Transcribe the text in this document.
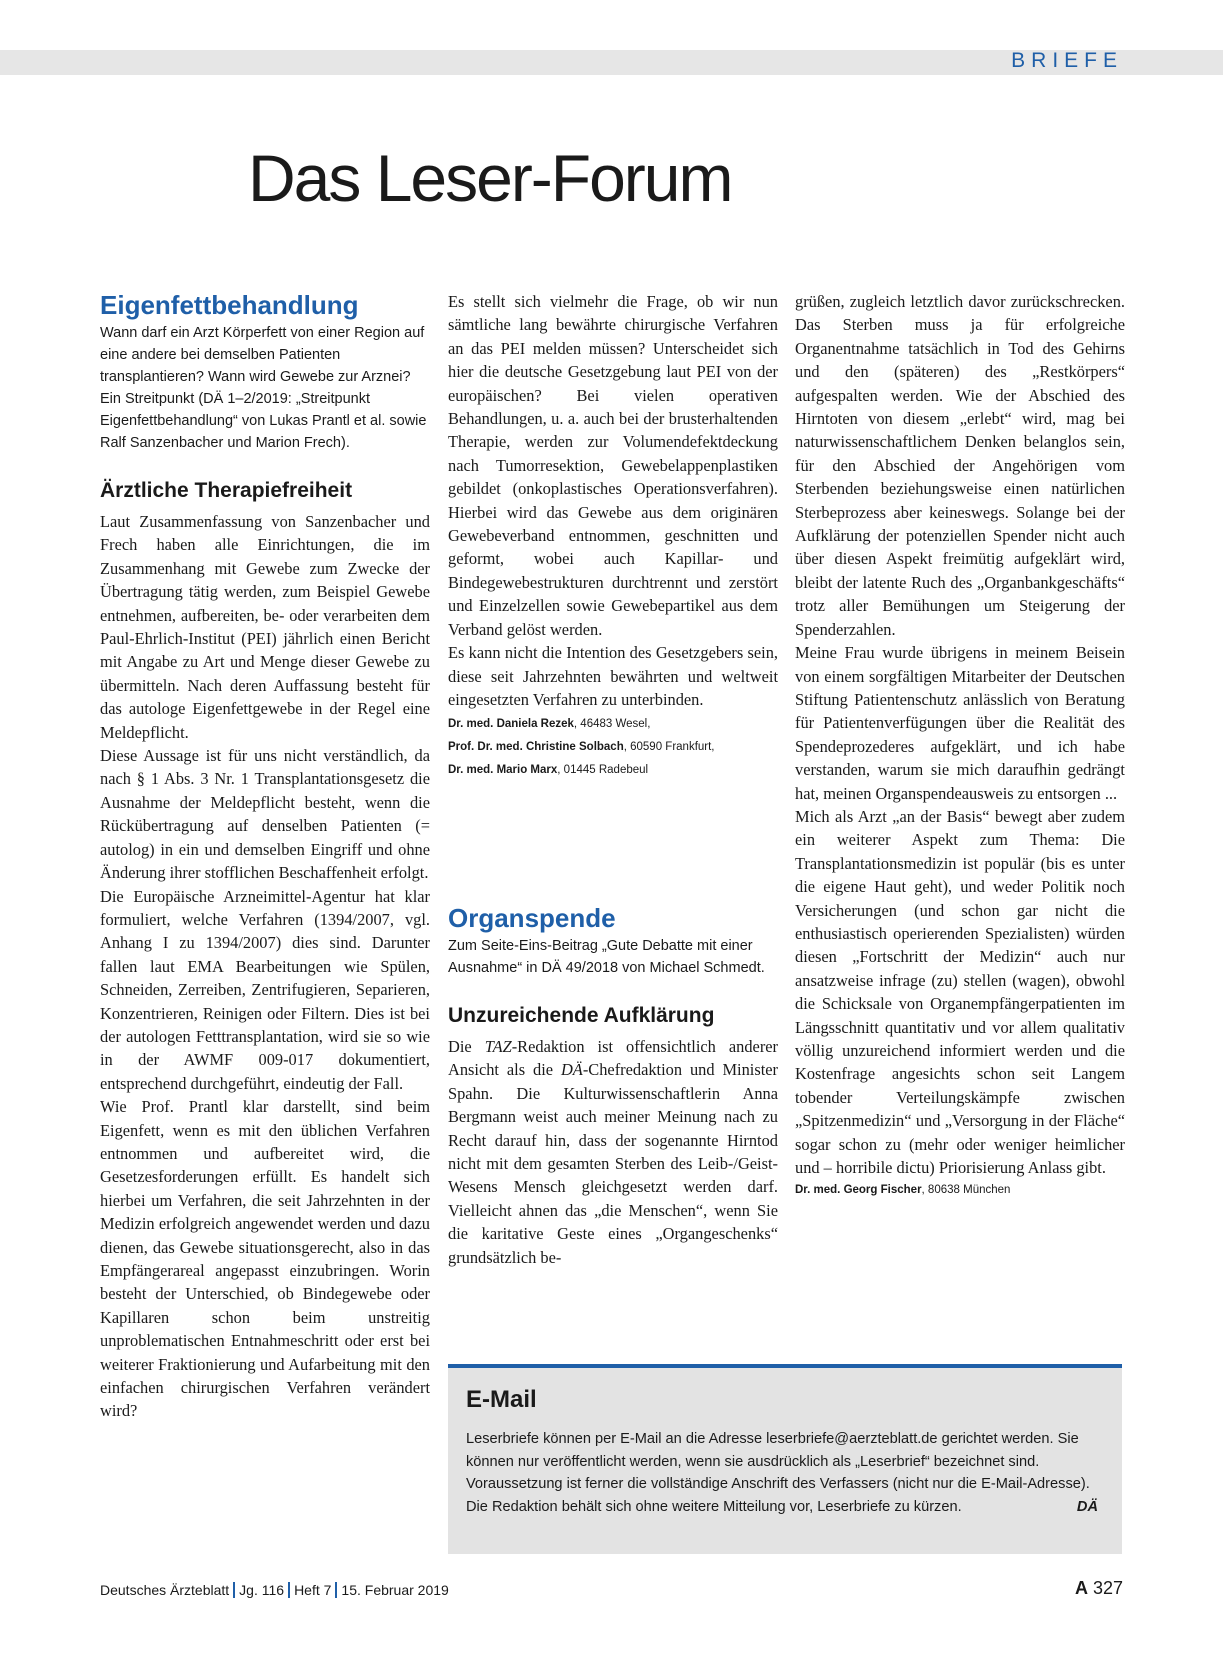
BRIEFE
Das Leser-Forum
Eigenfettbehandlung

Wann darf ein Arzt Körperfett von einer Region auf eine andere bei demselben Patienten transplantieren? Wann wird Gewebe zur Arznei? Ein Streitpunkt (DÄ 1–2/2019: „Streitpunkt Eigenfettbehandlung“ von Lukas Prantl et al. sowie Ralf Sanzenbacher und Marion Frech).

Ärztliche Therapiefreiheit

Laut Zusammenfassung von Sanzenbacher und Frech haben alle Einrichtungen, die im Zusammenhang mit Gewebe zum Zwecke der Übertragung tätig werden, zum Beispiel Gewebe entnehmen, aufbereiten, be- oder verarbeiten dem Paul-Ehrlich-Institut (PEI) jährlich einen Bericht mit Angabe zu Art und Menge dieser Gewebe zu übermitteln. Nach deren Auffassung besteht für das autologe Eigenfettgewebe in der Regel eine Meldepflicht.

Diese Aussage ist für uns nicht verständlich, da nach § 1 Abs. 3 Nr. 1 Transplantationsgesetz die Ausnahme der Meldepflicht besteht, wenn die Rückübertragung auf denselben Patienten (= autolog) in ein und demselben Eingriff und ohne Änderung ihrer stofflichen Beschaffenheit erfolgt.

Die Europäische Arzneimittel-Agentur hat klar formuliert, welche Verfahren (1394/2007, vgl. Anhang I zu 1394/2007) dies sind. Darunter fallen laut EMA Bearbeitungen wie Spülen, Schneiden, Zerreiben, Zentrifugieren, Separieren, Konzentrieren, Reinigen oder Filtern. Dies ist bei der autologen Fetttransplantation, wird sie so wie in der AWMF 009-017 dokumentiert, entsprechend durchgeführt, eindeutig der Fall.

Wie Prof. Prantl klar darstellt, sind beim Eigenfett, wenn es mit den üblichen Verfahren entnommen und aufbereitet wird, die Gesetzesforderungen erfüllt. Es handelt sich hierbei um Verfahren, die seit Jahrzehnten in der Medizin erfolgreich angewendet werden und dazu dienen, das Gewebe situationsgerecht, also in das Empfängerareal angepasst einzubringen. Worin besteht der Unterschied, ob Bindegewebe oder Kapillaren schon beim unstreitig unproblematischen Entnahmeschritt oder erst bei weiterer Fraktionierung und Aufarbeitung mit den einfachen chirurgischen Verfahren verändert wird?

Es stellt sich vielmehr die Frage, ob wir nun sämtliche lang bewährte chirurgische Verfahren an das PEI melden müssen? Unterscheidet sich hier die deutsche Gesetzgebung laut PEI von der europäischen? Bei vielen operativen Behandlungen, u. a. auch bei der brusterhaltenden Therapie, werden zur Volumendefektdeckung nach Tumorresektion, Gewebelappenplastiken gebildet (onkoplastisches Operationsverfahren). Hierbei wird das Gewebe aus dem originären Gewebeverband entnommen, geschnitten und geformt, wobei auch Kapillar- und Bindegewebestrukturen durchtrennt und zerstört und Einzelzellen sowie Gewebepartikel aus dem Verband gelöst werden.

Es kann nicht die Intention des Gesetzgebers sein, diese seit Jahrzehnten bewährten und weltweit eingesetzten Verfahren zu unterbinden.

Dr. med. Daniela Rezek, 46483 Wesel,

Prof. Dr. med. Christine Solbach, 60590 Frankfurt,

Dr. med. Mario Marx, 01445 Radebeul

Organspende

Zum Seite-Eins-Beitrag „Gute Debatte mit einer Ausnahme“ in DÄ 49/2018 von Michael Schmedt.

Unzureichende Aufklärung

Die TAZ-Redaktion ist offensichtlich anderer Ansicht als die DÄ-Chefredaktion und Minister Spahn. Die Kulturwissenschaftlerin Anna Bergmann weist auch meiner Meinung nach zu Recht darauf hin, dass der sogenannte Hirntod nicht mit dem gesamten Sterben des Leib-/Geist-Wesens Mensch gleichgesetzt werden darf. Vielleicht ahnen das „die Menschen“, wenn Sie die karitative Geste eines „Organgeschenks“ grundsätzlich be-

grüßen, zugleich letztlich davor zurückschrecken. Das Sterben muss ja für erfolgreiche Organentnahme tatsächlich in Tod des Gehirns und den (späteren) des „Restkörpers“ aufgespalten werden. Wie der Abschied des Hirntoten von diesem „erlebt“ wird, mag bei naturwissenschaftlichem Denken belanglos sein, für den Abschied der Angehörigen vom Sterbenden beziehungsweise einen natürlichen Sterbeprozess aber keineswegs. Solange bei der Aufklärung der potenziellen Spender nicht auch über diesen Aspekt freimütig aufgeklärt wird, bleibt der latente Ruch des „Organbankgeschäfts“ trotz aller Bemühungen um Steigerung der Spenderzahlen.

Meine Frau wurde übrigens in meinem Beisein von einem sorgfältigen Mitarbeiter der Deutschen Stiftung Patientenschutz anlässlich von Beratung für Patientenverfügungen über die Realität des Spendeprozederes aufgeklärt, und ich habe verstanden, warum sie mich daraufhin gedrängt hat, meinen Organspendeausweis zu entsorgen ...

Mich als Arzt „an der Basis“ bewegt aber zudem ein weiterer Aspekt zum Thema: Die Transplantationsmedizin ist populär (bis es unter die eigene Haut geht), und weder Politik noch Versicherungen (und schon gar nicht die enthusiastisch operierenden Spezialisten) würden diesen „Fortschritt der Medizin“ auch nur ansatzweise infrage (zu) stellen (wagen), obwohl die Schicksale von Organempfängerpatienten im Längsschnitt quantitativ und vor allem qualitativ völlig unzureichend informiert werden und die Kostenfrage angesichts schon seit Langem tobender Verteilungskämpfe zwischen „Spitzenmedizin“ und „Versorgung in der Fläche“ sogar schon zu (mehr oder weniger heimlicher und – horribile dictu) Priorisierung Anlass gibt.

Dr. med. Georg Fischer, 80638 München

E-Mail

Leserbriefe können per E-Mail an die Adresse leserbriefe@aerzteblatt.de gerichtet werden. Sie können nur veröffentlicht werden, wenn sie ausdrücklich als „Leserbrief“ bezeichnet sind. Voraussetzung ist ferner die vollständige Anschrift des Verfassers (nicht nur die E-Mail-Adresse). Die Redaktion behält sich ohne weitere Mitteilung vor, Leserbriefe zu kürzen.	DÄ

Deutsches Ärzteblatt Jg. 116 Heft 7 15. Februar 2019	A 327
